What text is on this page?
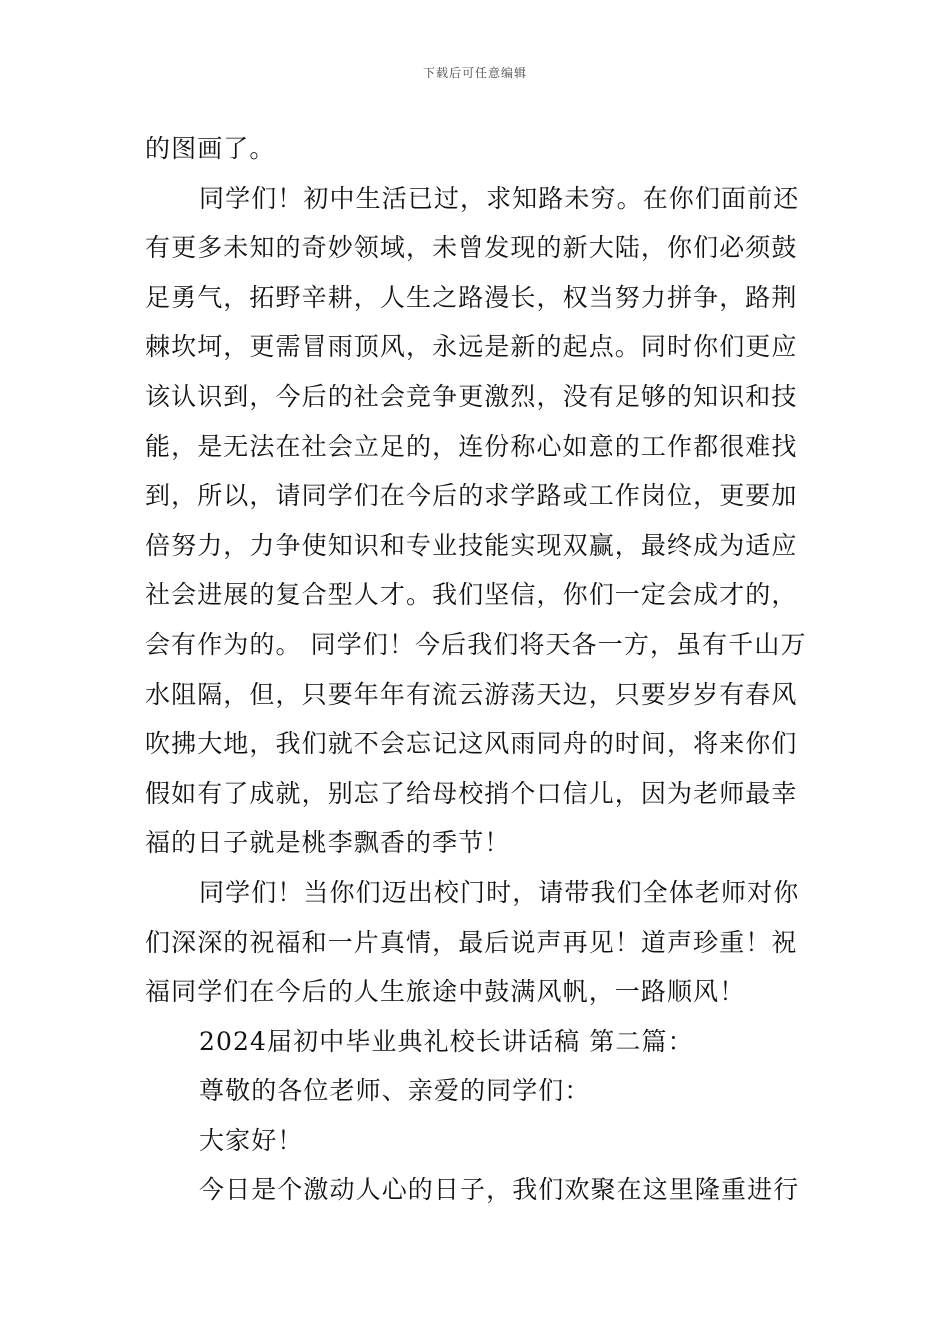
下载后可任意编辑
的图画了。
同学们！初中生活已过，求知路未穷。在你们面前还
有更多未知的奇妙领域，未曾发现的新大陆，你们必须鼓
足勇气，拓野辛耕，人生之路漫长，权当努力拼争，路荆
棘坎坷，更需冒雨顶风，永远是新的起点。同时你们更应
该认识到，今后的社会竞争更激烈，没有足够的知识和技
能，是无法在社会立足的，连份称心如意的工作都很难找
到，所以，请同学们在今后的求学路或工作岗位，更要加
倍努力，力争使知识和专业技能实现双赢，最终成为适应
社会进展的复合型人才。我们坚信，你们一定会成才的，
会有作为的。 同学们！今后我们将天各一方，虽有千山万
水阻隔，但，只要年年有流云游荡天边，只要岁岁有春风
吹拂大地，我们就不会忘记这风雨同舟的时间，将来你们
假如有了成就，别忘了给母校捎个口信儿，因为老师最幸
福的日子就是桃李飘香的季节！
同学们！当你们迈出校门时，请带我们全体老师对你
们深深的祝福和一片真情，最后说声再见！道声珍重！祝
福同学们在今后的人生旅途中鼓满风帆，一路顺风！
2024届初中毕业典礼校长讲话稿 第二篇：
尊敬的各位老师、亲爱的同学们：
大家好！
今日是个激动人心的日子，我们欢聚在这里隆重进行
